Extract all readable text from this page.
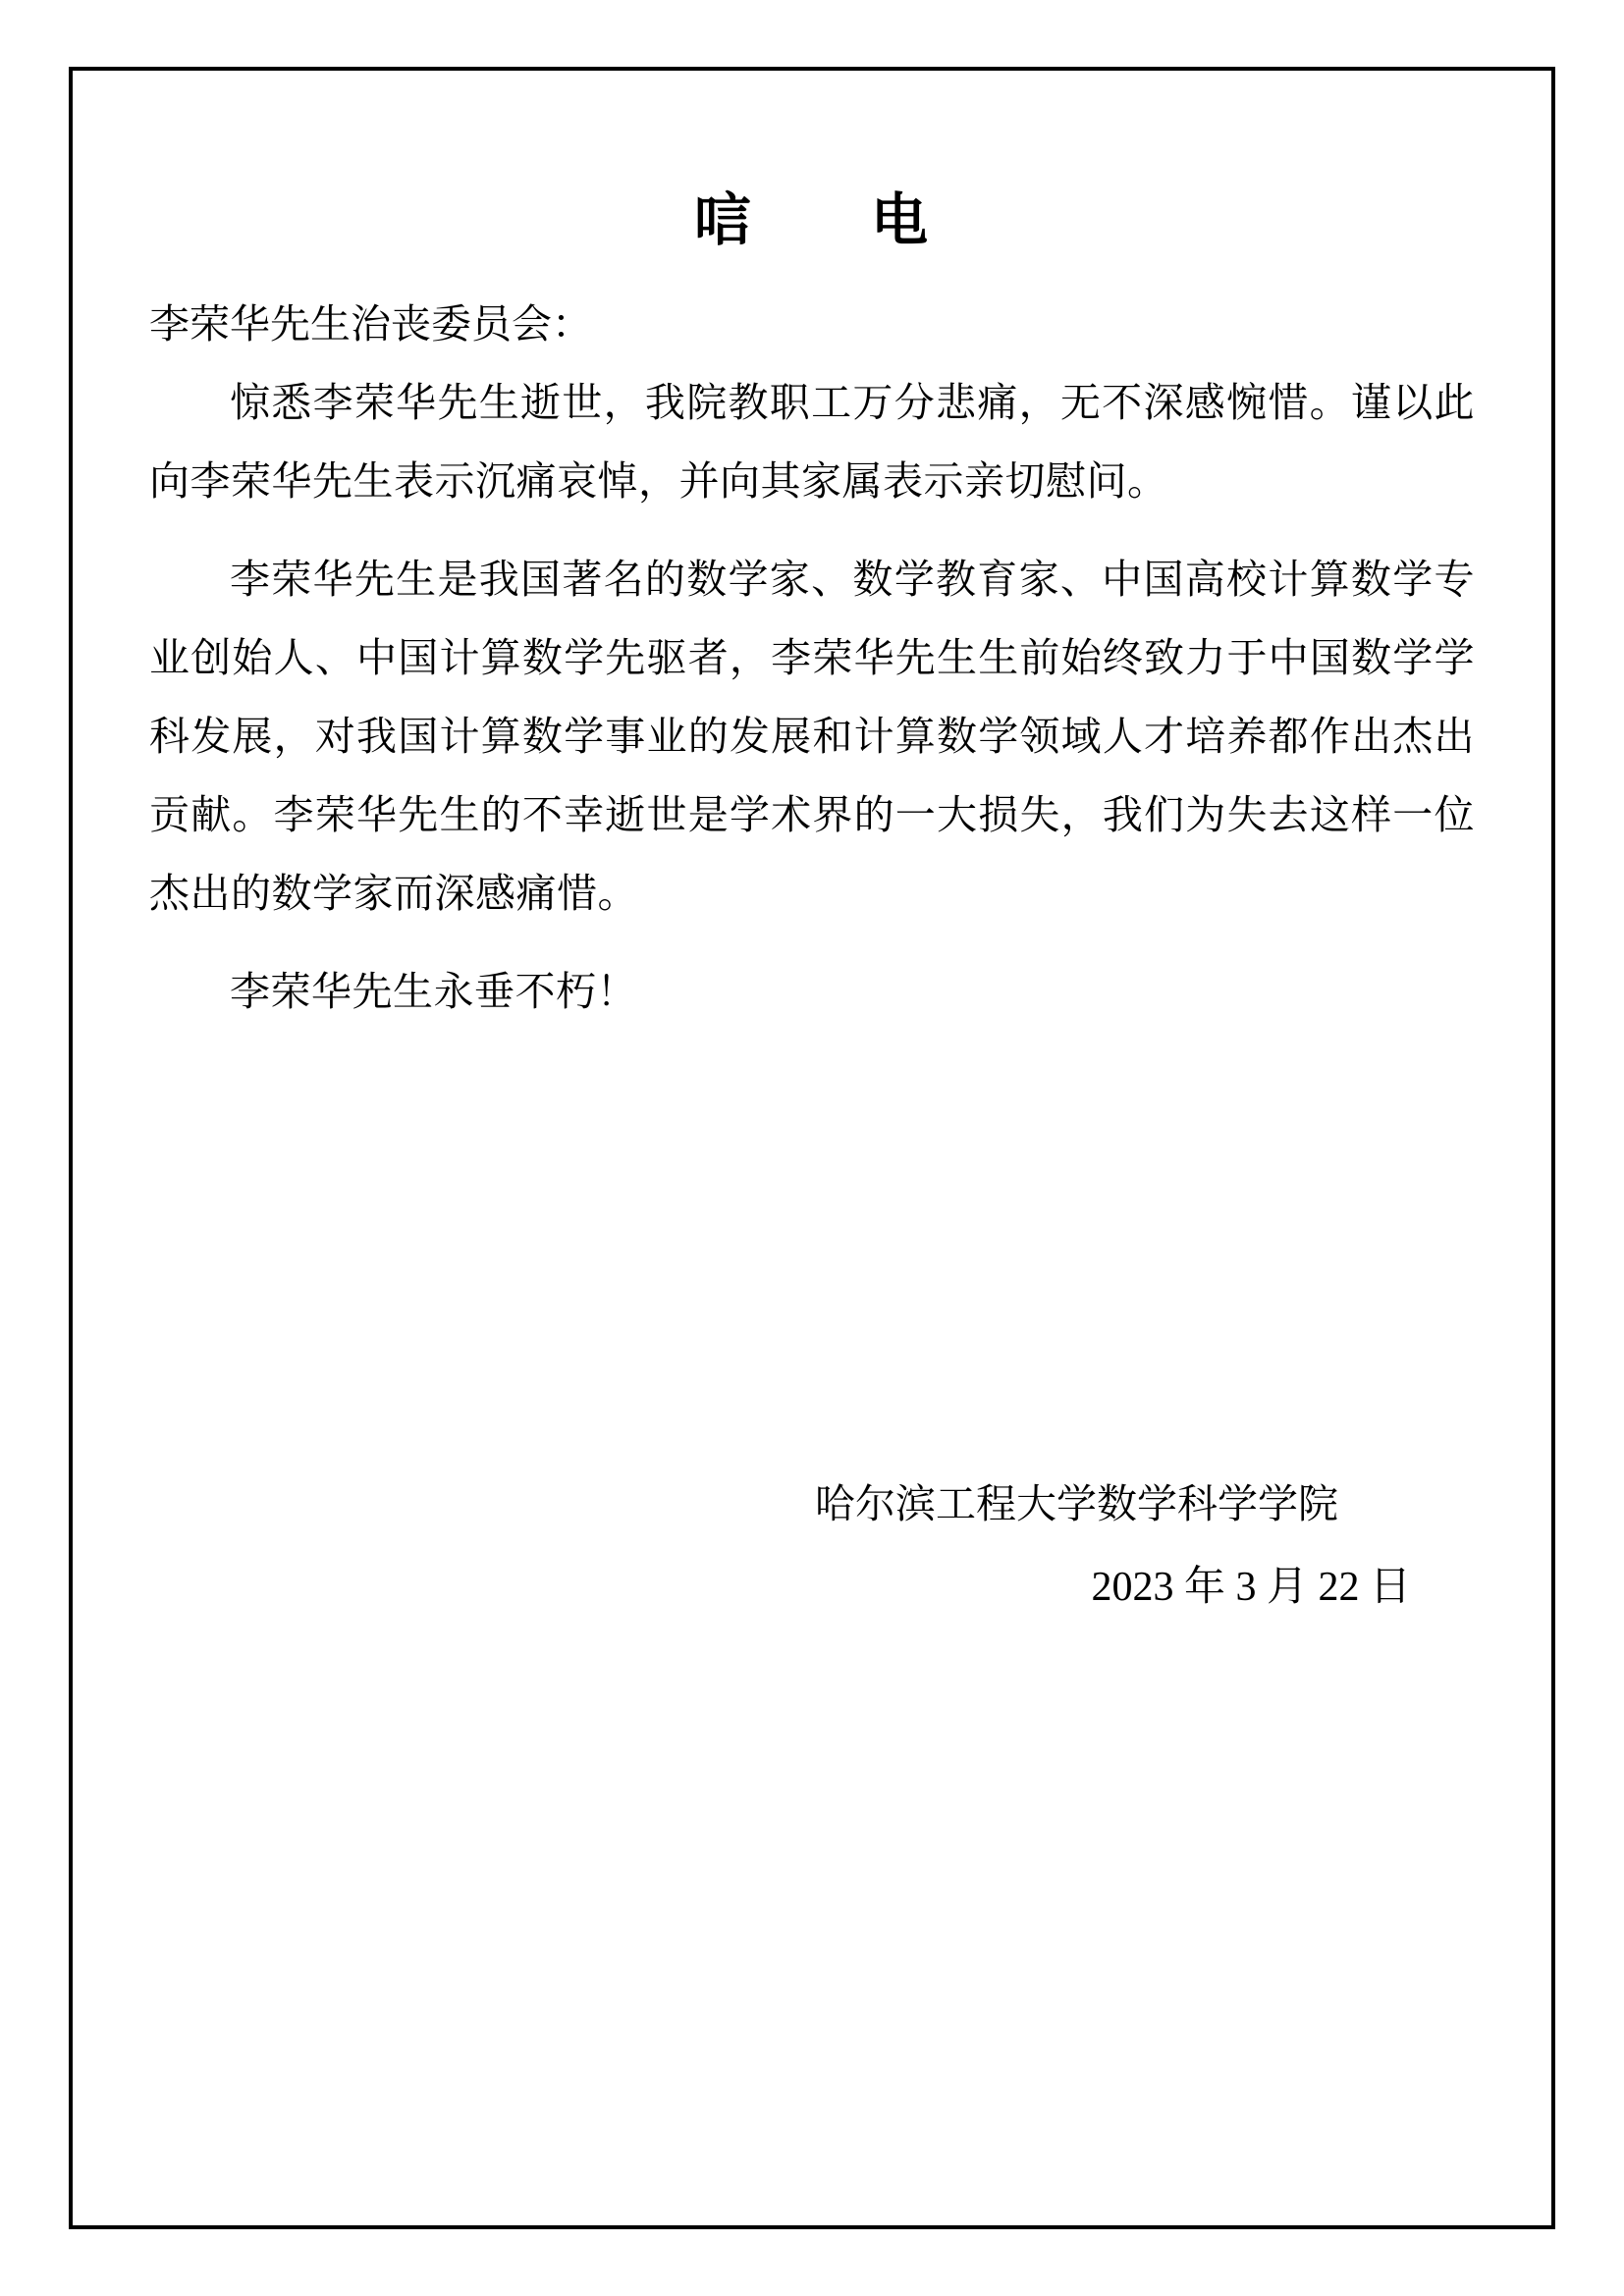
唁　　电

李荣华先生治丧委员会：

惊悉李荣华先生逝世，我院教职工万分悲痛，无不深感惋惜。谨以此向李荣华先生表示沉痛哀悼，并向其家属表示亲切慰问。

李荣华先生是我国著名的数学家、数学教育家、中国高校计算数学专业创始人、中国计算数学先驱者，李荣华先生生前始终致力于中国数学学科发展，对我国计算数学事业的发展和计算数学领域人才培养都作出杰出贡献。李荣华先生的不幸逝世是学术界的一大损失，我们为失去这样一位杰出的数学家而深感痛惜。

李荣华先生永垂不朽！

哈尔滨工程大学数学科学学院

2023 年 3 月 22 日
